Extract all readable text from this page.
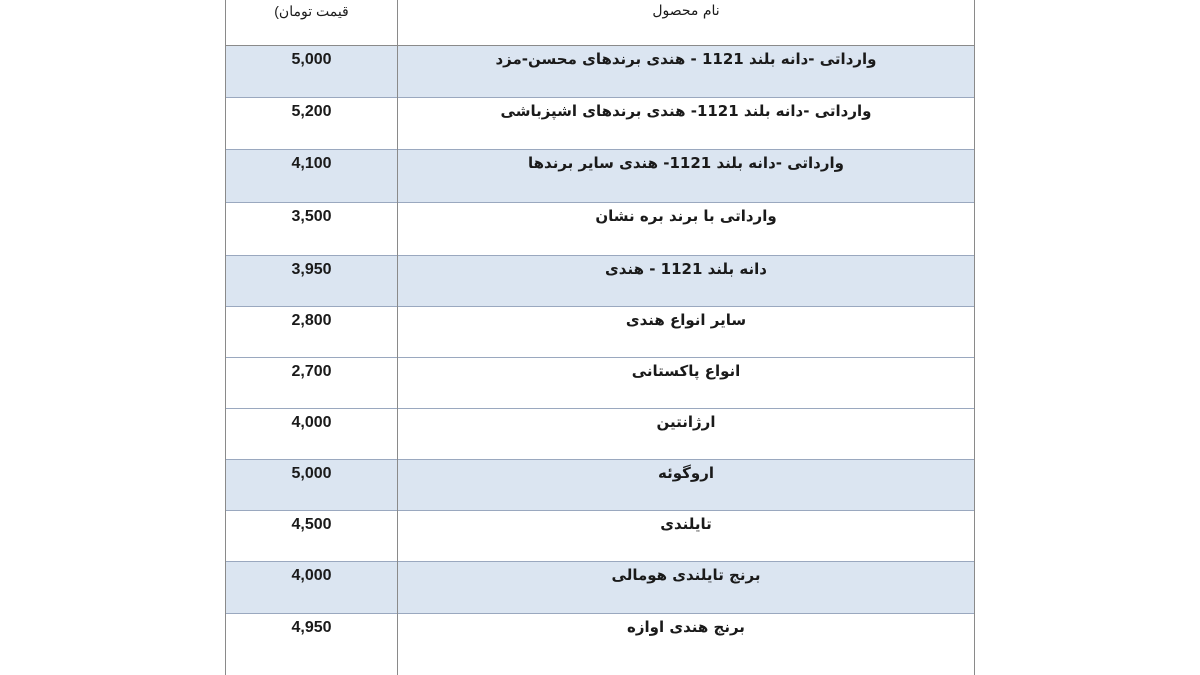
قیمت تومان)	نام محصول
5,000	وارداتی -دانه بلند 1121 - هندی برندهای محسن-مزد
5,200	وارداتی -دانه بلند 1121- هندی برندهای اشپزباشی
4,100	وارداتی -دانه بلند 1121- هندی سایر برندها
3,500	وارداتی با برند بره نشان
3,950	دانه بلند 1121 - هندی
2,800	سایر انواع هندی
2,700	انواع پاکستانی
4,000	ارژانتین
5,000	اروگوئه
4,500	تایلندی
4,000	برنج تایلندی هومالی
4,950	برنج هندی اوازه
